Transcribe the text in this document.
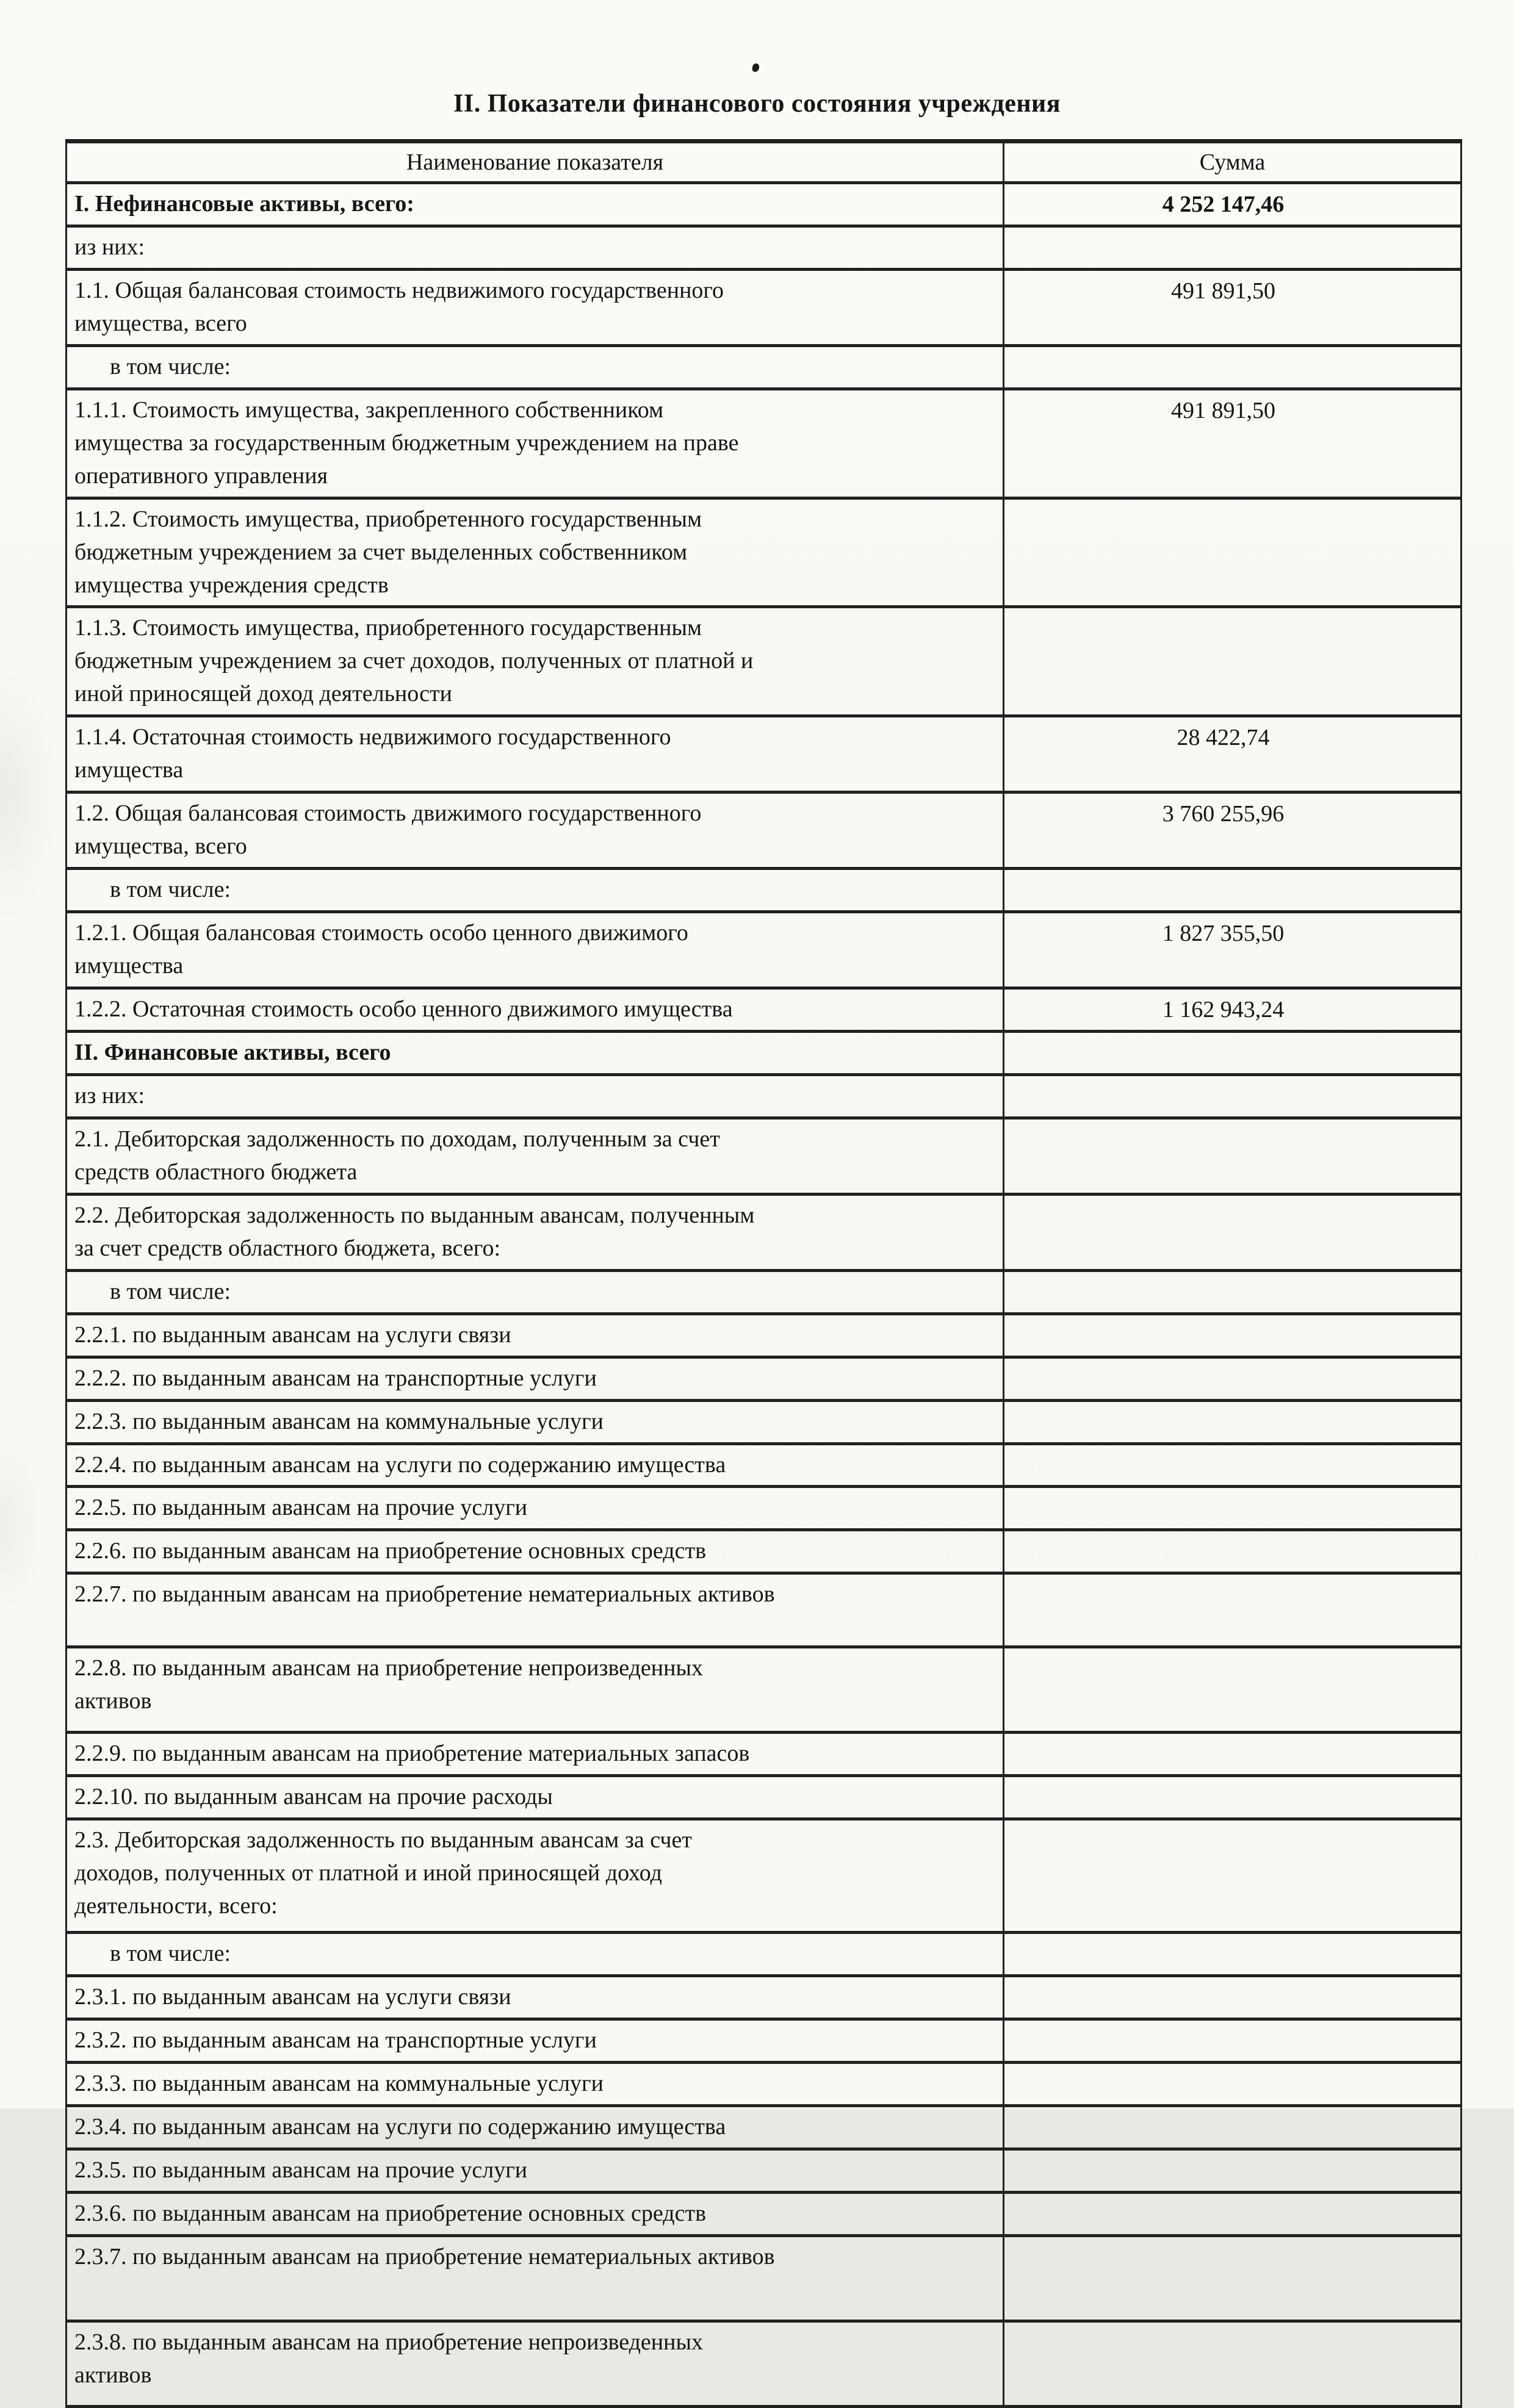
II. Показатели финансового состояния учреждения
Наименование показателя	Сумма

I. Нефинансовые активы, всего:	4 252 147,46

из них:	

1.1. Общая балансовая стоимость недвижимого государственного имущества, всего	491 891,50

в том числе:	

1.1.1. Стоимость имущества, закрепленного собственником имущества за государственным бюджетным учреждением на праве оперативного управления	491 891,50

1.1.2. Стоимость имущества, приобретенного государственным бюджетным учреждением за счет выделенных собственником имущества учреждения средств	

1.1.3. Стоимость имущества, приобретенного государственным бюджетным учреждением за счет доходов, полученных от платной и иной приносящей доход деятельности	

1.1.4. Остаточная стоимость недвижимого государственного имущества	28 422,74

1.2. Общая балансовая стоимость движимого государственного имущества, всего	3 760 255,96

в том числе:	

1.2.1. Общая балансовая стоимость особо ценного движимого имущества	1 827 355,50

1.2.2. Остаточная стоимость особо ценного движимого имущества	1 162 943,24

II. Финансовые активы, всего	

из них:	

2.1. Дебиторская задолженность по доходам, полученным за счет средств областного бюджета	

2.2. Дебиторская задолженность по выданным авансам, полученным за счет средств областного бюджета, всего:	

в том числе:	

2.2.1. по выданным авансам на услуги связи	

2.2.2. по выданным авансам на транспортные услуги	

2.2.3. по выданным авансам на коммунальные услуги	

2.2.4. по выданным авансам на услуги по содержанию имущества	

2.2.5. по выданным авансам на прочие услуги	

2.2.6. по выданным авансам на приобретение основных средств	

2.2.7. по выданным авансам на приобретение нематериальных активов	

2.2.8. по выданным авансам на приобретение непроизведенных активов	

2.2.9. по выданным авансам на приобретение материальных запасов	

2.2.10. по выданным авансам на прочие расходы	

2.3. Дебиторская задолженность по выданным авансам за счет доходов, полученных от платной и иной приносящей доход деятельности, всего:	

в том числе:	

2.3.1. по выданным авансам на услуги связи	

2.3.2. по выданным авансам на транспортные услуги	

2.3.3. по выданным авансам на коммунальные услуги	

2.3.4. по выданным авансам на услуги по содержанию имущества	

2.3.5. по выданным авансам на прочие услуги	

2.3.6. по выданным авансам на приобретение основных средств	

2.3.7. по выданным авансам на приобретение нематериальных активов	

2.3.8. по выданным авансам на приобретение непроизведенных активов	
